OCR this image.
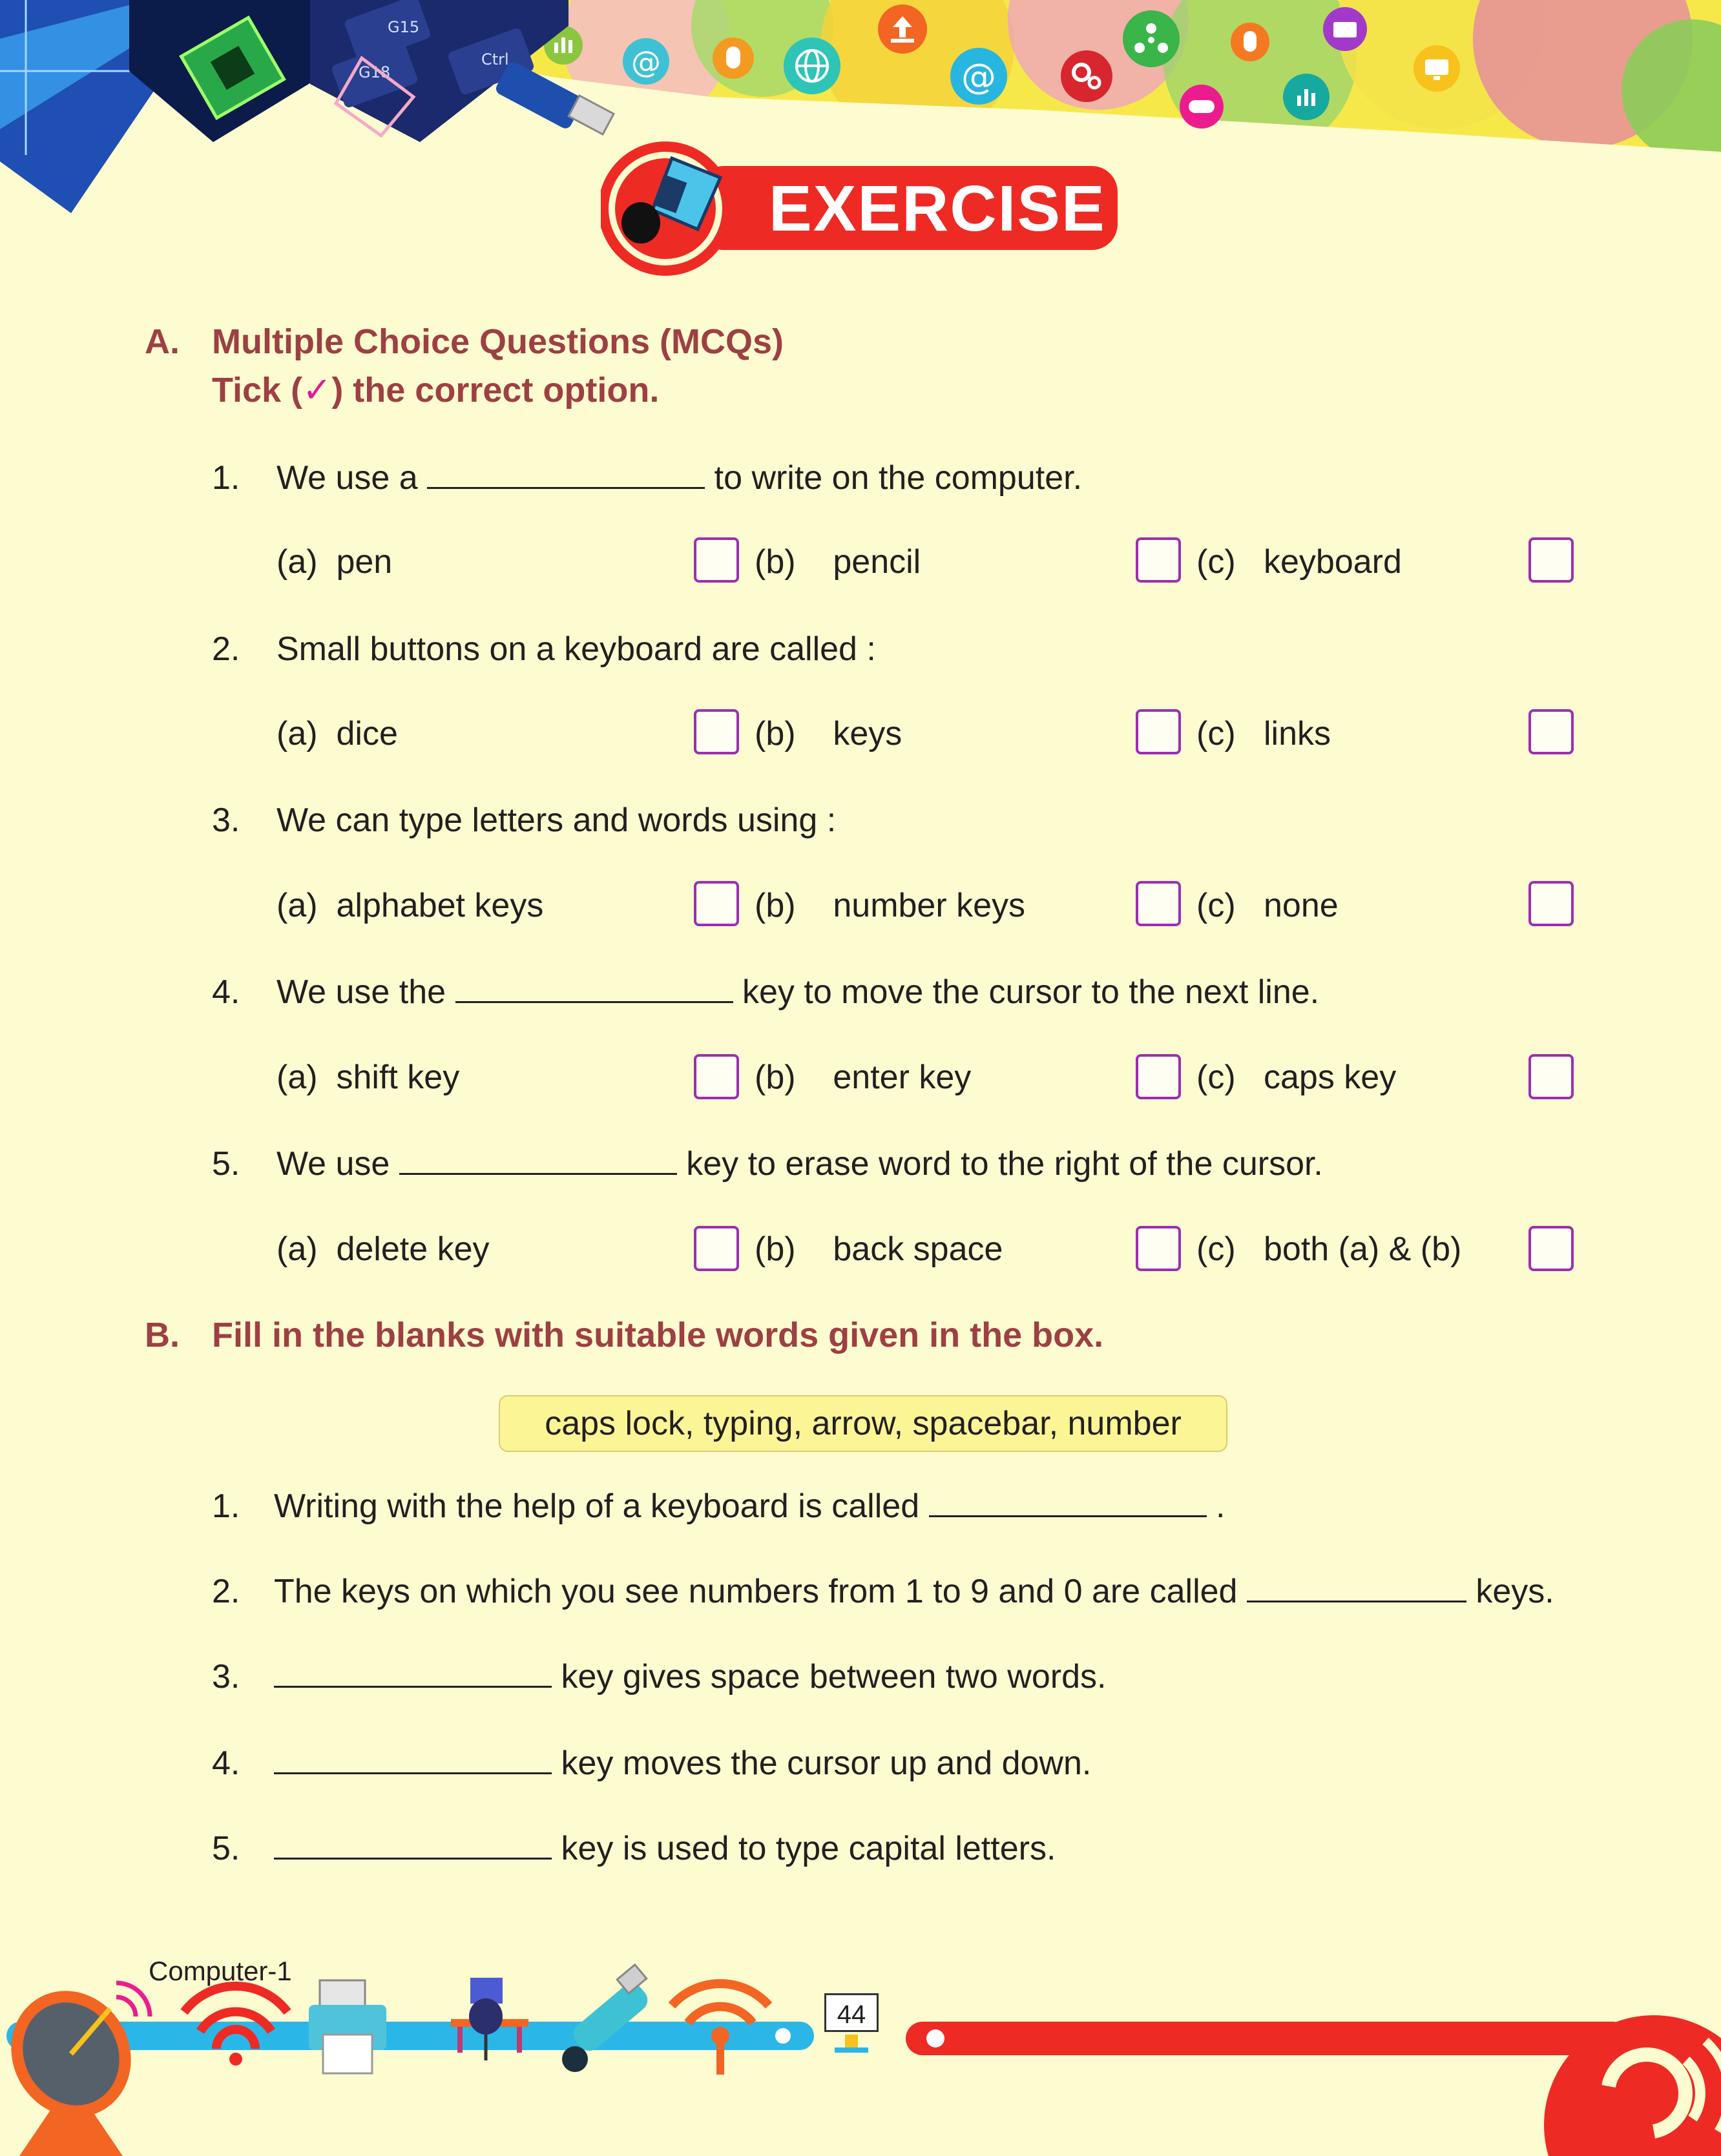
@	@
G15
G18
Ctrl
EXERCISE
A. Multiple Choice Questions (MCQs)
Tick (✓) the correct option.
1. We use a	to write on the computer.
(a) pen	(b) pencil	(c) keyboard
2. Small buttons on a keyboard are called :
(a) dice	(b) keys	(c) links
3. We can type letters and words using :
(a) alphabet keys	(b) number keys	(c) none
4. We use the	key to move the cursor to the next line.
(a) shift key	(b) enter key	(c) caps key
5. We use	key to erase word to the right of the cursor.
(a) delete key	(b) back space	(c) both (a) & (b)
B. Fill in the blanks with suitable words given in the box.
caps lock, typing, arrow, spacebar, number
1. Writing with the help of a keyboard is called	.
2. The keys on which you see numbers from 1 to 9 and 0 are called	keys.
3.	key gives space between two words.
4.	key moves the cursor up and down.
5.	key is used to type capital letters.
Computer-1
44
